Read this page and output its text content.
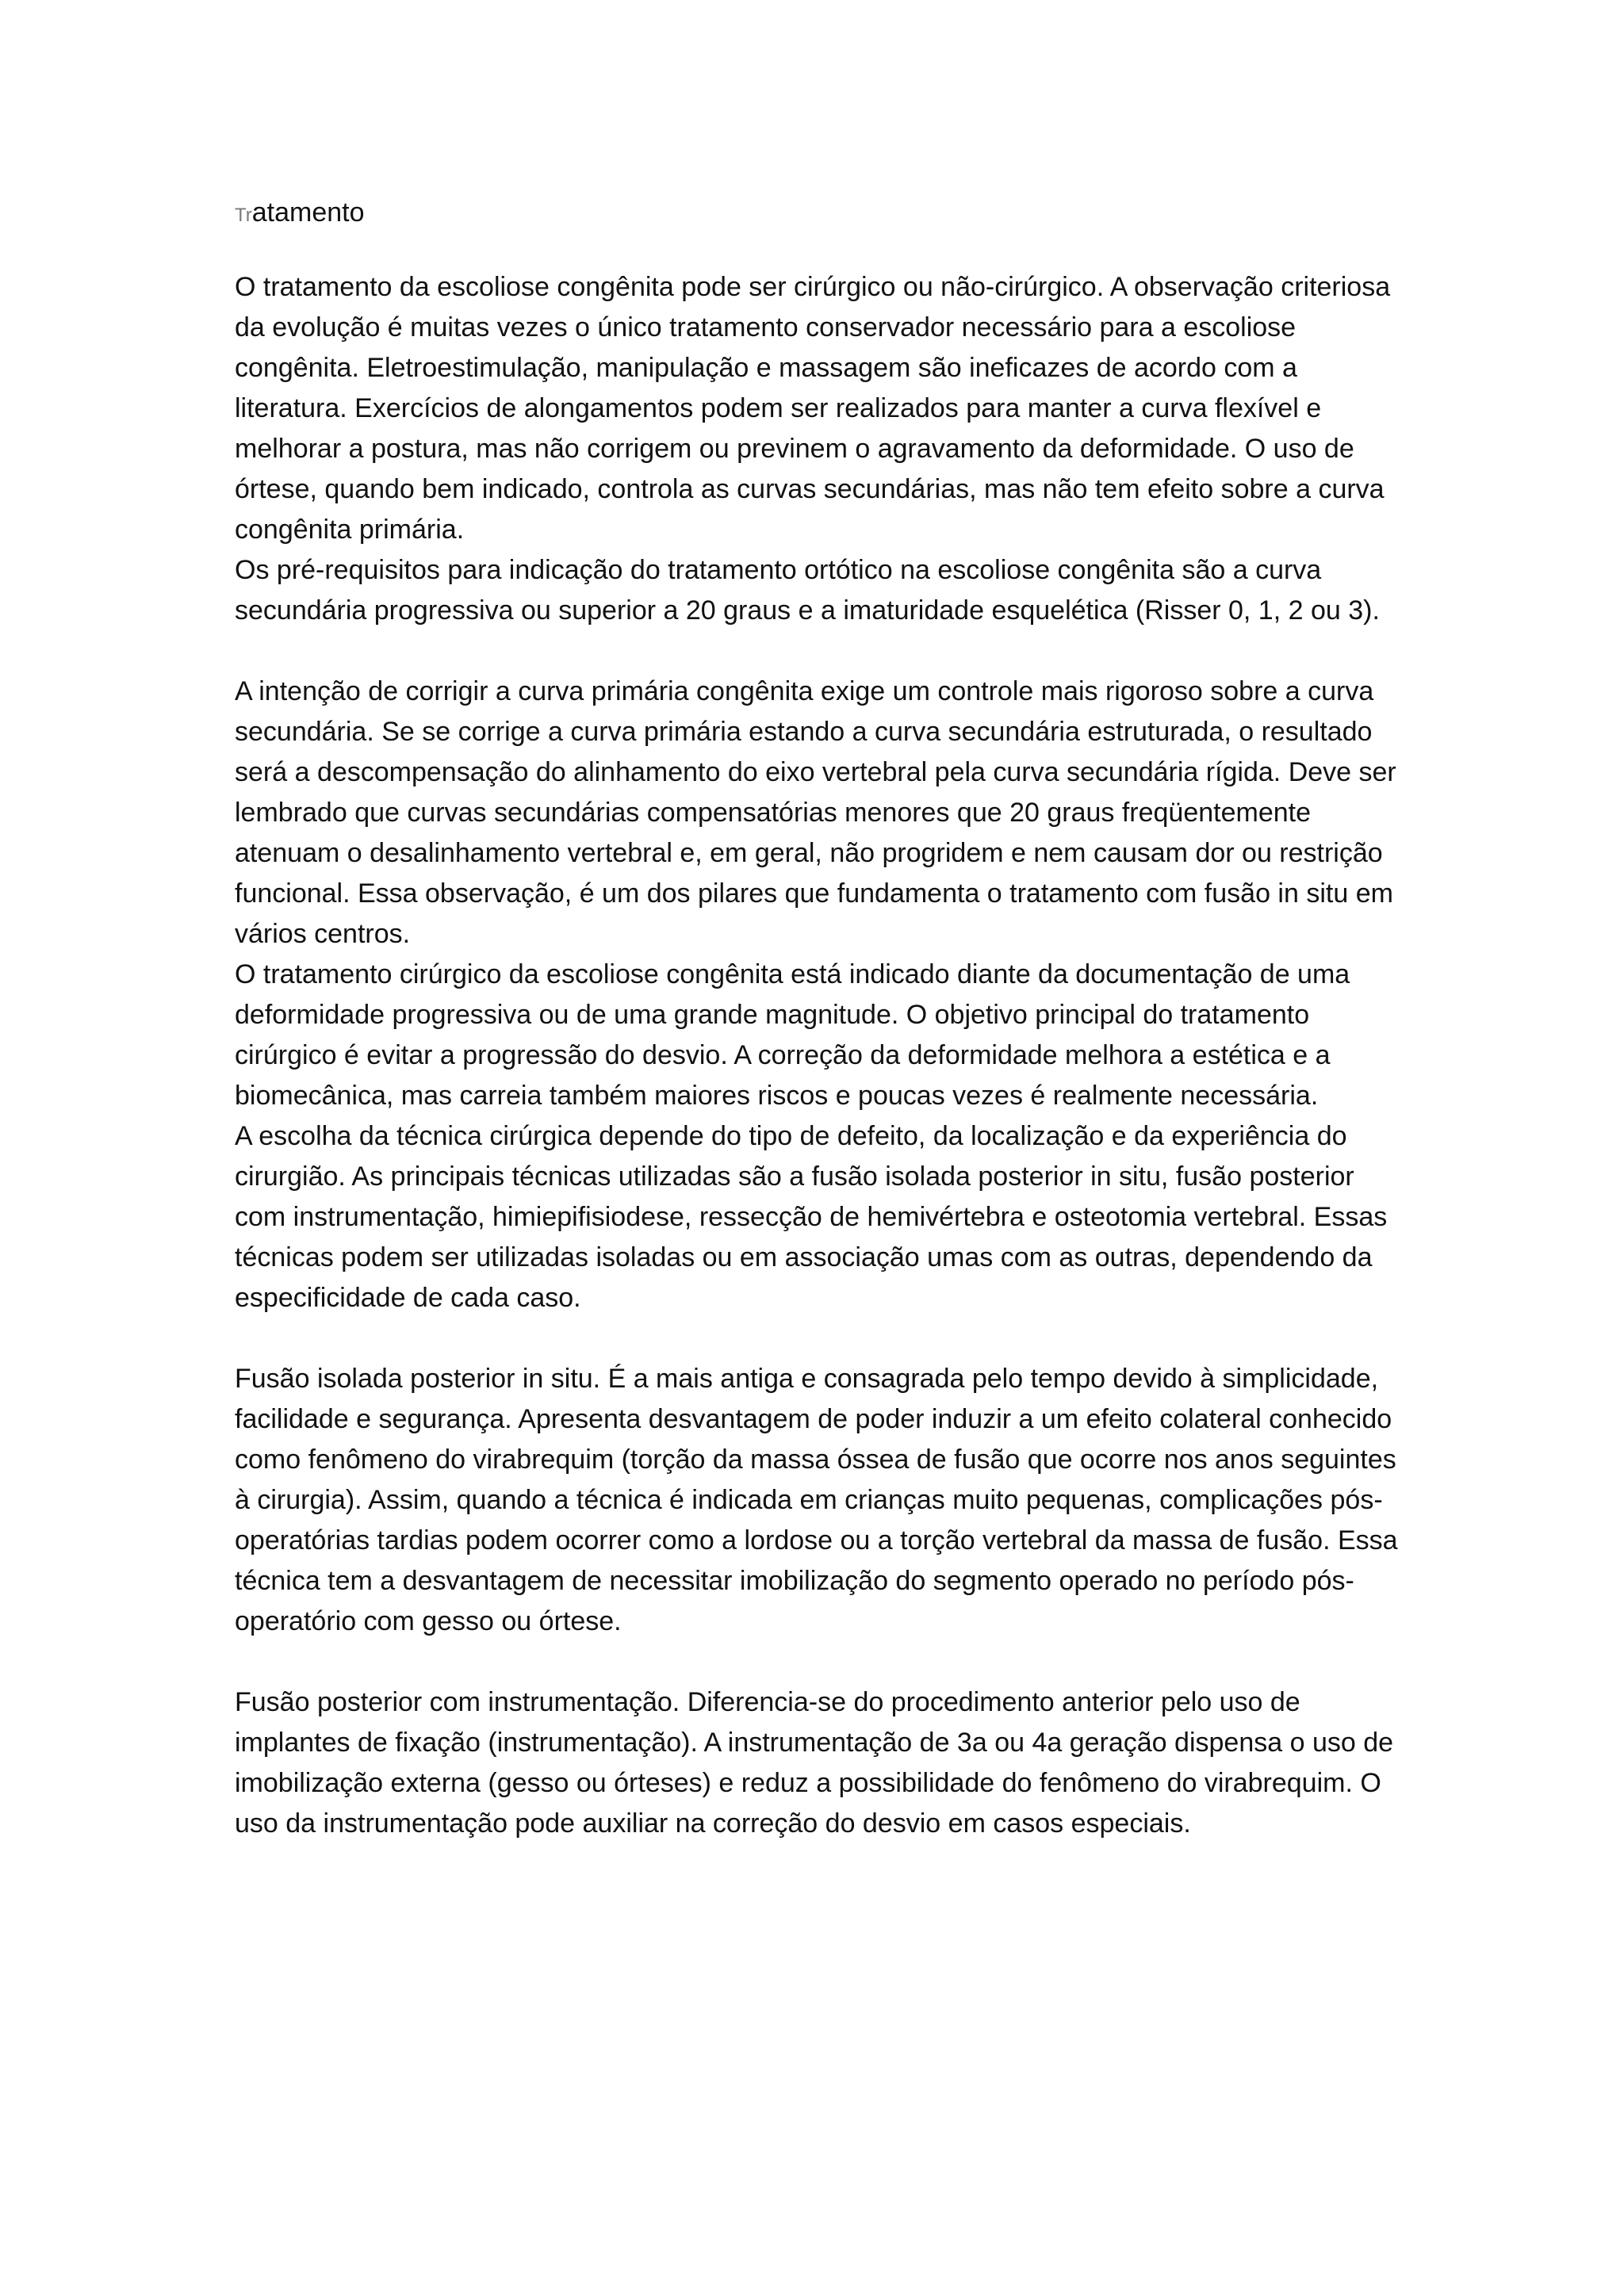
Tratamento

O tratamento da escoliose congênita pode ser cirúrgico ou não-cirúrgico. A observação criteriosa da evolução é muitas vezes o único tratamento conservador necessário para a escoliose congênita. Eletroestimulação, manipulação e massagem são ineficazes de acordo com a literatura. Exercícios de alongamentos podem ser realizados para manter a curva flexível e melhorar a postura, mas não corrigem ou previnem o agravamento da deformidade. O uso de órtese, quando bem indicado, controla as curvas secundárias, mas não tem efeito sobre a curva congênita primária.

Os pré-requisitos para indicação do tratamento ortótico na escoliose congênita são a curva secundária progressiva ou superior a 20 graus e a imaturidade esquelética (Risser 0, 1, 2 ou 3).

A intenção de corrigir a curva primária congênita exige um controle mais rigoroso sobre a curva secundária. Se se corrige a curva primária estando a curva secundária estruturada, o resultado será a descompensação do alinhamento do eixo vertebral pela curva secundária rígida. Deve ser lembrado que curvas secundárias compensatórias menores que 20 graus freqüentemente atenuam o desalinhamento vertebral e, em geral, não progridem e nem causam dor ou restrição funcional. Essa observação, é um dos pilares que fundamenta o tratamento com fusão in situ em vários centros.

O tratamento cirúrgico da escoliose congênita está indicado diante da documentação de uma deformidade progressiva ou de uma grande magnitude. O objetivo principal do tratamento cirúrgico é evitar a progressão do desvio. A correção da deformidade melhora a estética e a biomecânica, mas carreia também maiores riscos e poucas vezes é realmente necessária.

A escolha da técnica cirúrgica depende do tipo de defeito, da localização e da experiência do cirurgião. As principais técnicas utilizadas são a fusão isolada posterior in situ, fusão posterior com instrumentação, himiepifisiodese, ressecção de hemivértebra e osteotomia vertebral. Essas técnicas podem ser utilizadas isoladas ou em associação umas com as outras, dependendo da especificidade de cada caso.

Fusão isolada posterior in situ. É a mais antiga e consagrada pelo tempo devido à simplicidade, facilidade e segurança. Apresenta desvantagem de poder induzir a um efeito colateral conhecido como fenômeno do virabrequim (torção da massa óssea de fusão que ocorre nos anos seguintes à cirurgia). Assim, quando a técnica é indicada em crianças muito pequenas, complicações pós-operatórias tardias podem ocorrer como a lordose ou a torção vertebral da massa de fusão. Essa técnica tem a desvantagem de necessitar imobilização do segmento operado no período pós-operatório com gesso ou órtese.

Fusão posterior com instrumentação. Diferencia-se do procedimento anterior pelo uso de implantes de fixação (instrumentação). A instrumentação de 3a ou 4a geração dispensa o uso de imobilização externa (gesso ou órteses) e reduz a possibilidade do fenômeno do virabrequim. O uso da instrumentação pode auxiliar na correção do desvio em casos especiais.
